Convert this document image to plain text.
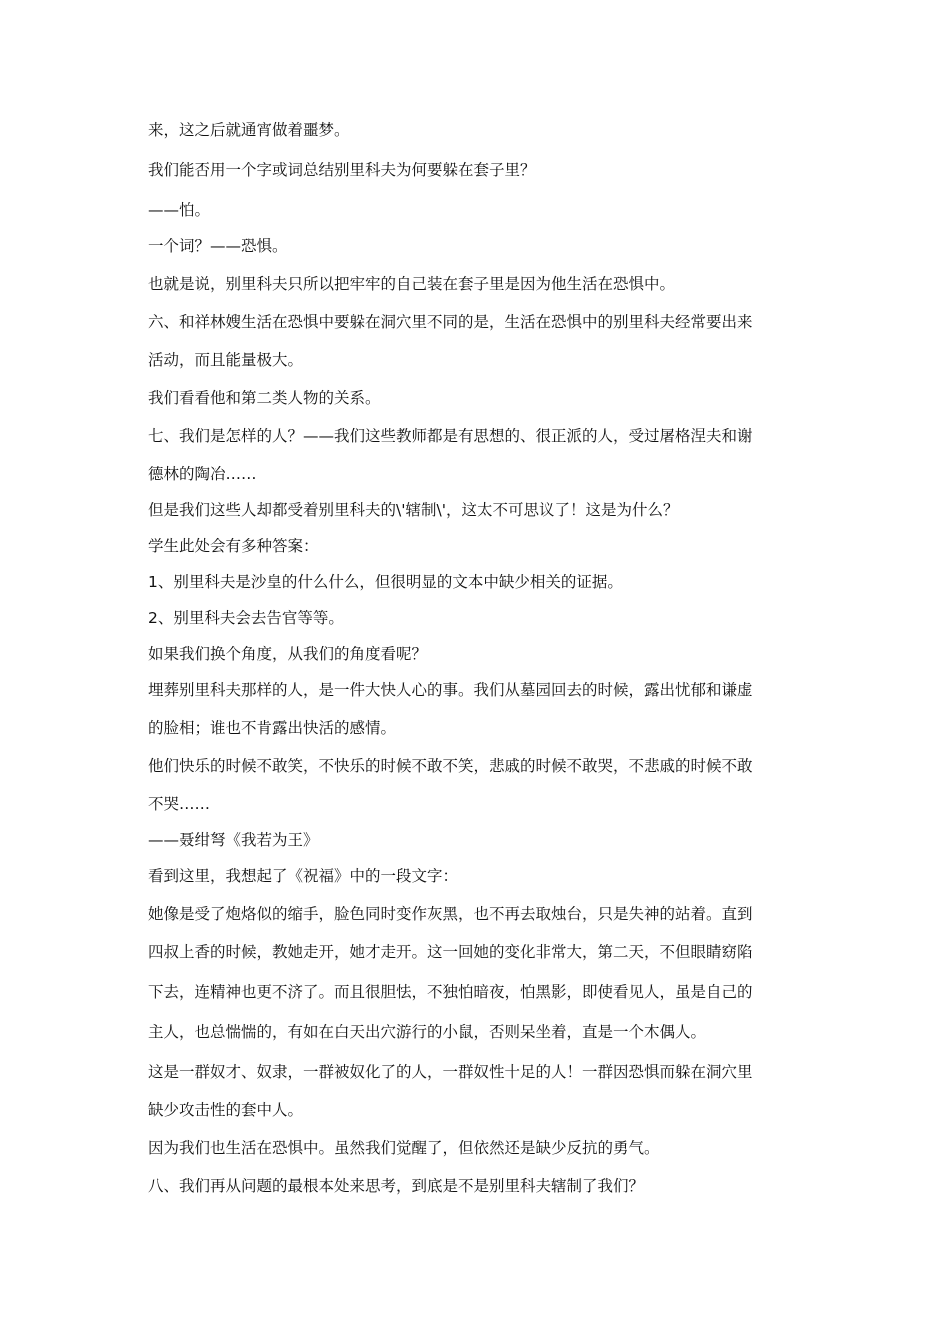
来，这之后就通宵做着噩梦。
我们能否用一个字或词总结别里科夫为何要躲在套子里？
——怕。
一个词？——恐惧。
也就是说，别里科夫只所以把牢牢的自己装在套子里是因为他生活在恐惧中。
六、和祥林嫂生活在恐惧中要躲在洞穴里不同的是，生活在恐惧中的别里科夫经常要出来
活动，而且能量极大。
我们看看他和第二类人物的关系。
七、我们是怎样的人？——我们这些教师都是有思想的、很正派的人，受过屠格涅夫和谢
德林的陶冶……
但是我们这些人却都受着别里科夫的\'辖制\'，这太不可思议了！这是为什么？
学生此处会有多种答案：
1、别里科夫是沙皇的什么什么，但很明显的文本中缺少相关的证据。
2、别里科夫会去告官等等。
如果我们换个角度，从我们的角度看呢？
埋葬别里科夫那样的人，是一件大快人心的事。我们从墓园回去的时候，露出忧郁和谦虚
的脸相；谁也不肯露出快活的感情。
他们快乐的时候不敢笑，不快乐的时候不敢不笑，悲戚的时候不敢哭，不悲戚的时候不敢
不哭……
——聂绀弩《我若为王》
看到这里，我想起了《祝福》中的一段文字：
她像是受了炮烙似的缩手，脸色同时变作灰黑，也不再去取烛台，只是失神的站着。直到
四叔上香的时候，教她走开，她才走开。这一回她的变化非常大，第二天，不但眼睛窈陷
下去，连精神也更不济了。而且很胆怯，不独怕暗夜，怕黑影，即使看见人，虽是自己的
主人，也总惴惴的，有如在白天出穴游行的小鼠，否则呆坐着，直是一个木偶人。
这是一群奴才、奴隶，一群被奴化了的人，一群奴性十足的人！一群因恐惧而躲在洞穴里
缺少攻击性的套中人。
因为我们也生活在恐惧中。虽然我们觉醒了，但依然还是缺少反抗的勇气。
八、我们再从问题的最根本处来思考，到底是不是别里科夫辖制了我们？
